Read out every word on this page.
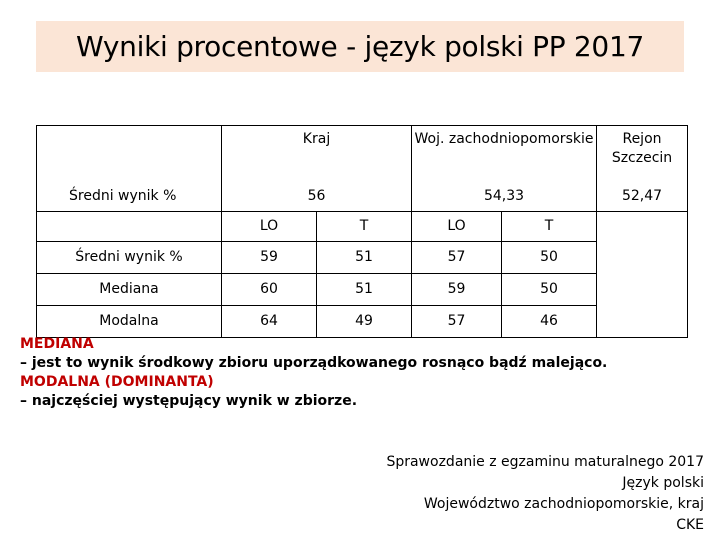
Wyniki procentowe - język polski PP 2017
	Kraj		Woj. zachodniopomorskie		Rejon Szczecin
Średni wynik %	56		54,33		52,47
	LO	T	LO	T	
Średni wynik %	59	51	57	50	
Mediana	60	51	59	50	
Modalna	64	49	57	46	
MEDIANA
– jest to wynik środkowy zbioru uporządkowanego rosnąco bądź malejąco.
MODALNA (DOMINANTA)
– najczęściej występujący wynik w zbiorze.
Sprawozdanie z egzaminu maturalnego 2017
Język polski
Województwo zachodniopomorskie, kraj
CKE
